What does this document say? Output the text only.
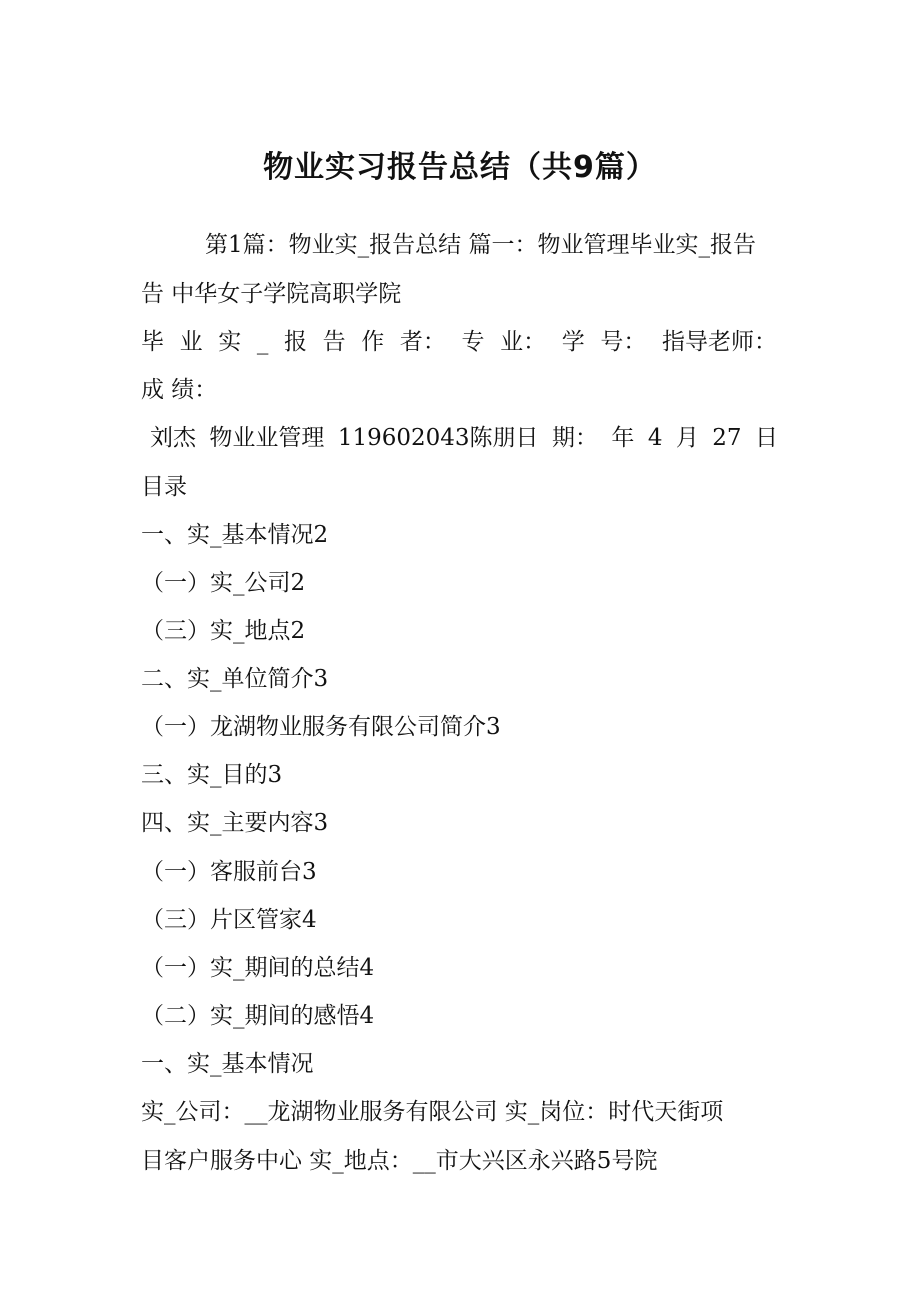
物业实习报告总结（共9篇）
第1篇：物业实_报告总结 篇一：物业管理毕业实_报告
告 中华女子学院高职学院
毕 业 实 _ 报 告 作 者： 专 业： 学 号： 指导老师：
成 绩：
刘杰 物业业管理 119602043陈朋日 期： 年 4 月 27 日
目录
一、实_基本情况2
（一）实_公司2
（三）实_地点2
二、实_单位简介3
（一）龙湖物业服务有限公司简介3
三、实_目的3
四、实_主要内容3
（一）客服前台3
（三）片区管家4
（一）实_期间的总结4
（二）实_期间的感悟4
一、实_基本情况
实_公司：__龙湖物业服务有限公司 实_岗位：时代天街项
目客户服务中心 实_地点：__市大兴区永兴路5号院
